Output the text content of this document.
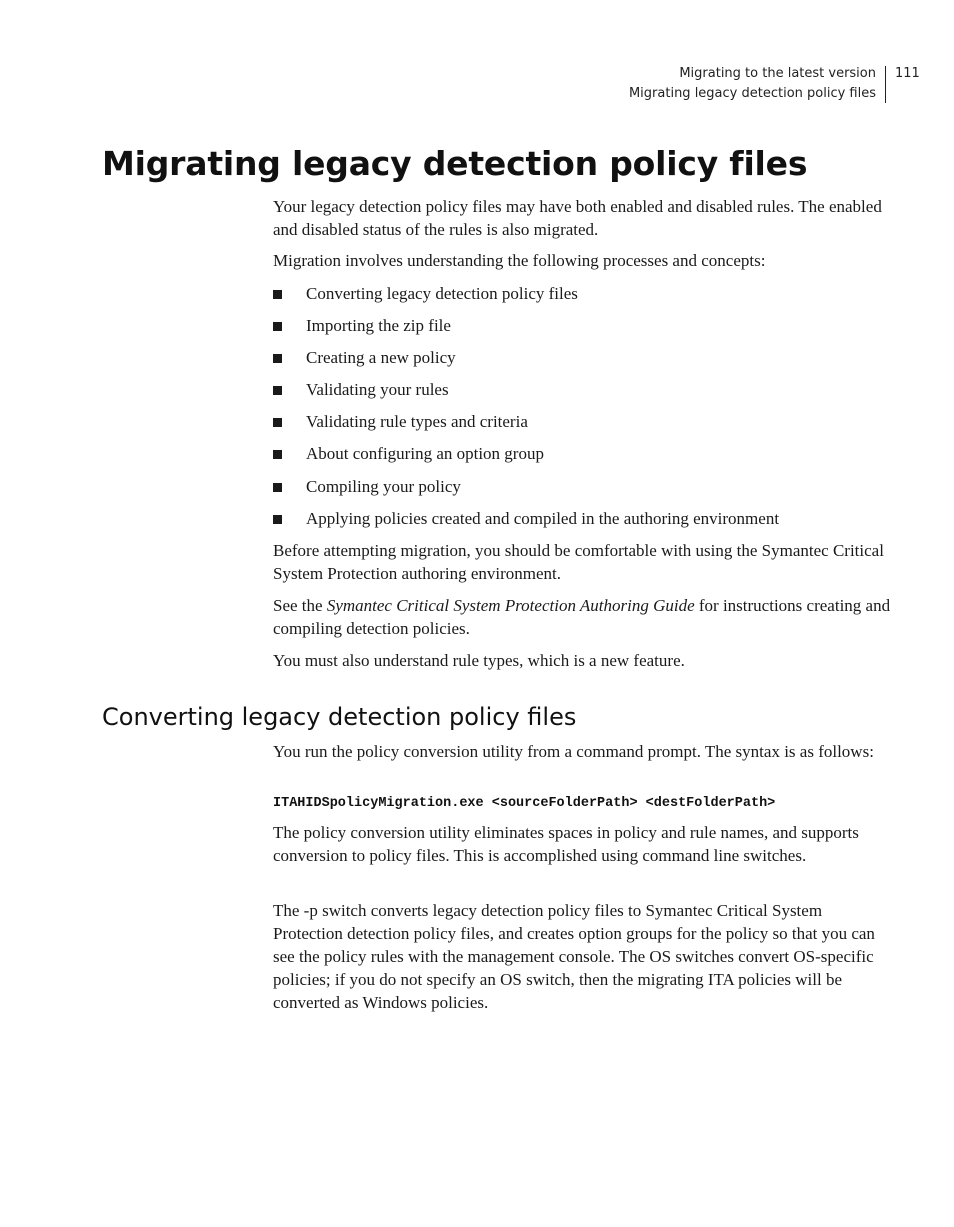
Migrating to the latest version
Migrating legacy detection policy files
111
Migrating legacy detection policy files

Your legacy detection policy files may have both enabled and disabled rules. The enabled and disabled status of the rules is also migrated.

Migration involves understanding the following processes and concepts:

Converting legacy detection policy files
Importing the zip file
Creating a new policy
Validating your rules
Validating rule types and criteria
About configuring an option group
Compiling your policy
Applying policies created and compiled in the authoring environment

Before attempting migration, you should be comfortable with using the Symantec Critical System Protection authoring environment.

See the Symantec Critical System Protection Authoring Guide for instructions creating and compiling detection policies.

You must also understand rule types, which is a new feature.

Converting legacy detection policy files

You run the policy conversion utility from a command prompt. The syntax is as follows:

ITAHIDSpolicyMigration.exe <sourceFolderPath> <destFolderPath>

The policy conversion utility eliminates spaces in policy and rule names, and supports conversion to policy files. This is accomplished using command line switches.

The -p switch converts legacy detection policy files to Symantec Critical System Protection detection policy files, and creates option groups for the policy so that you can see the policy rules with the management console. The OS switches convert OS-specific policies; if you do not specify an OS switch, then the migrating ITA policies will be converted as Windows policies.
